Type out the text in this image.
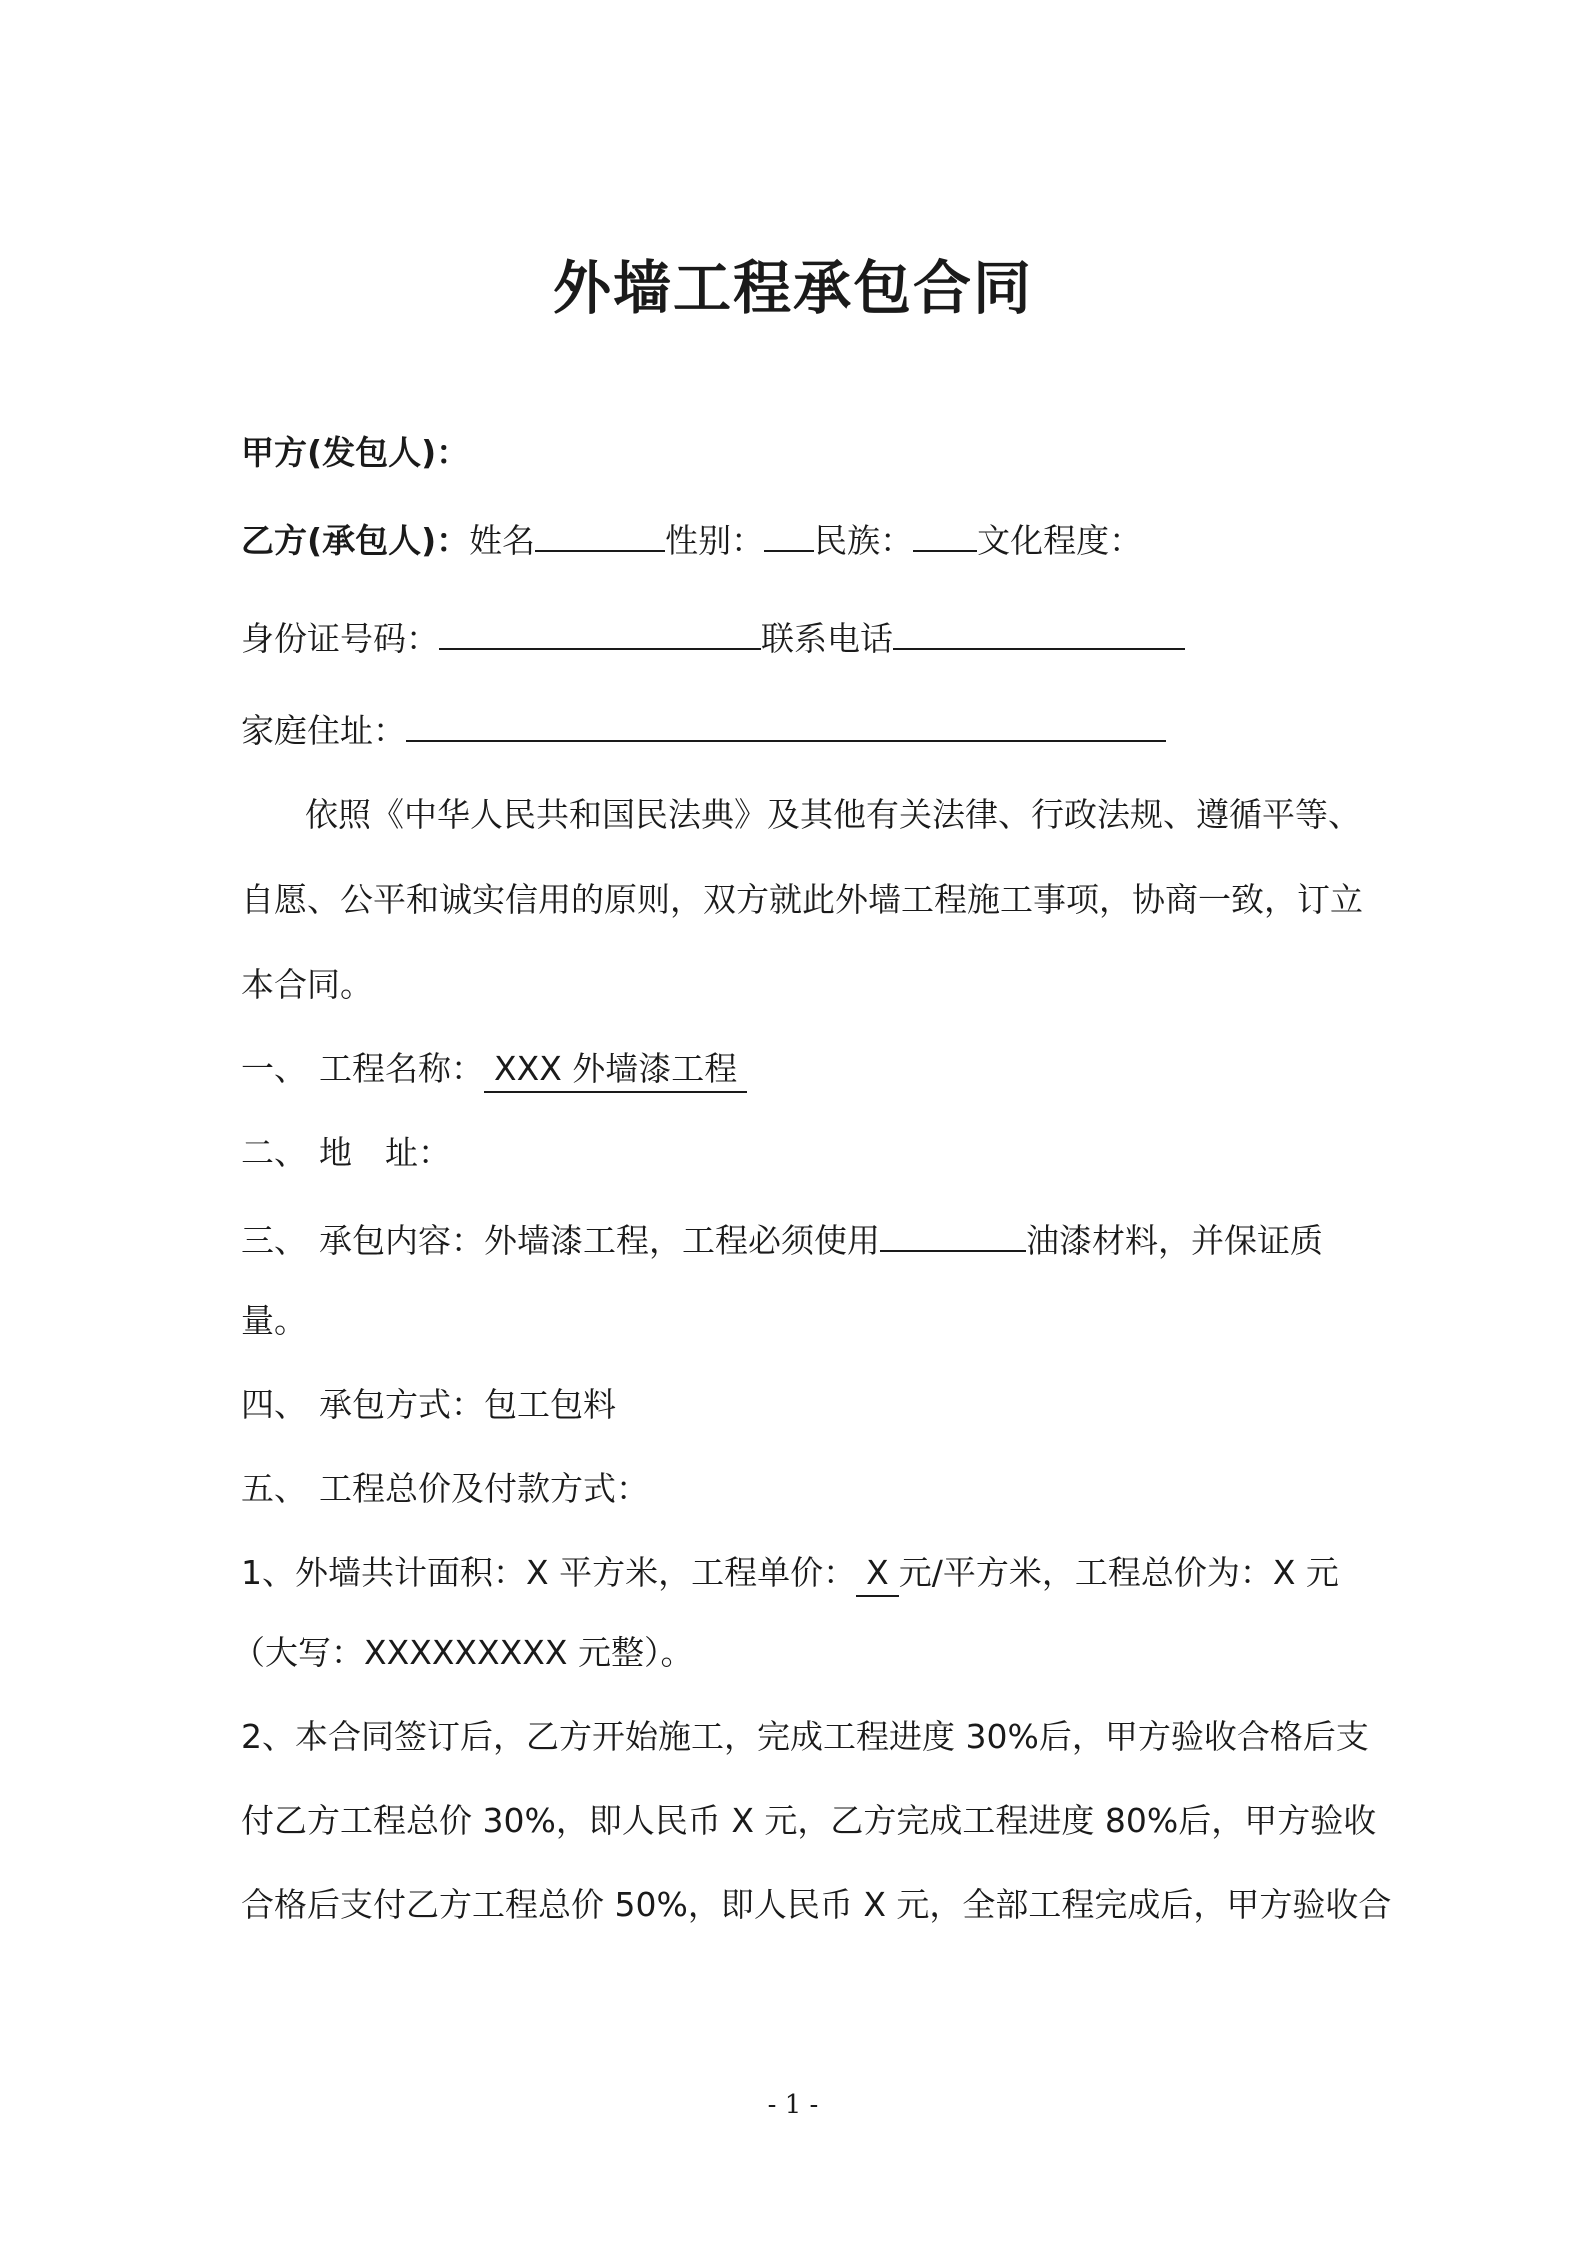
外墙工程承包合同
甲方(发包人)：
乙方(承包人)：姓名	性别： 民族： 文化程度：
身份证号码：	联系电话
家庭住址：
依照《中华人民共和国民法典》及其他有关法律、行政法规、遵循平等、
自愿、公平和诚实信用的原则，双方就此外墙工程施工事项，协商一致，订立
本合同。
一、 工程名称： XXX 外墙漆工程
二、 地　址：
三、 承包内容：外墙漆工程，工程必须使用	油漆材料，并保证质
量。
四、 承包方式：包工包料
五、 工程总价及付款方式：
1、外墙共计面积：X 平方米，工程单价： X 元/平方米，工程总价为：X 元
（大写：XXXXXXXXX 元整）。
2、本合同签订后，乙方开始施工，完成工程进度 30%后，甲方验收合格后支
付乙方工程总价 30%，即人民币 X 元，乙方完成工程进度 80%后，甲方验收
合格后支付乙方工程总价 50%，即人民币 X 元，全部工程完成后，甲方验收合
- 1 -
